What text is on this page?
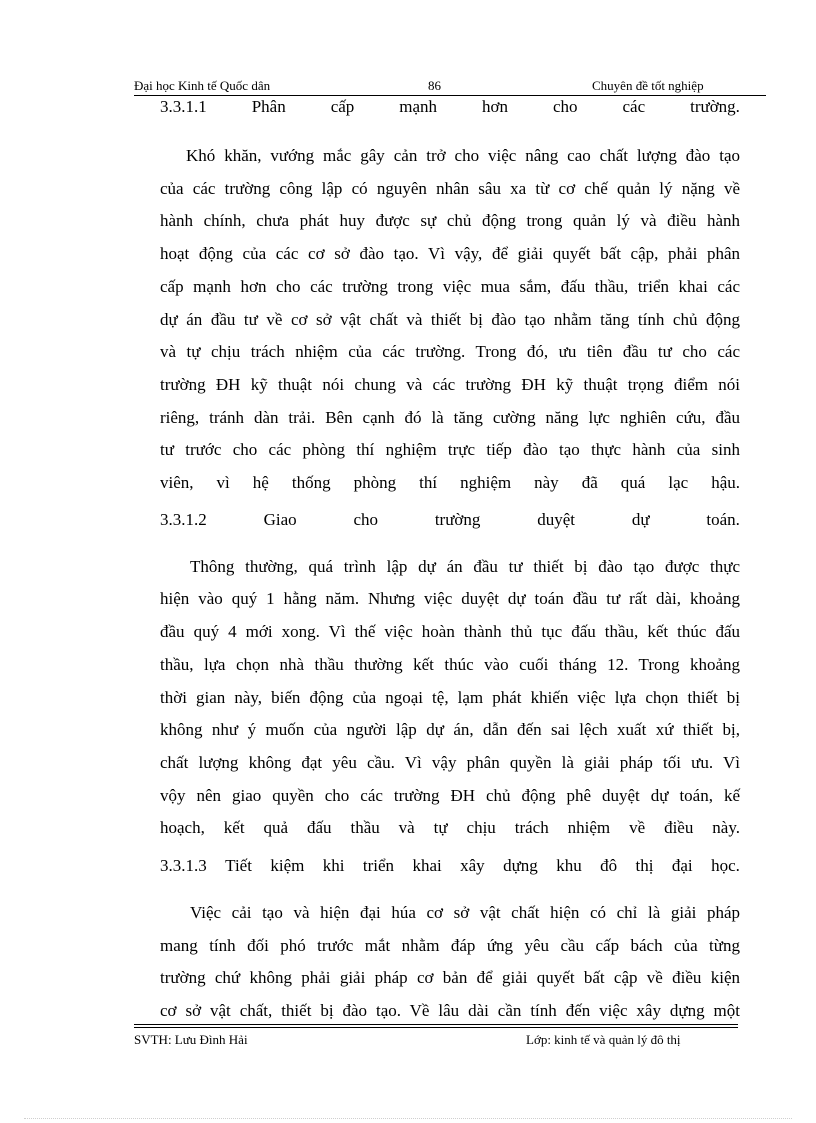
Đại học Kinh tế Quốc dân	86	Chuyên đề tốt nghiệp
3.3.1.1	Phân	cấp	mạnh	hơn	cho	các	trường.

Khó khăn, vướng mắc gây cản trở cho việc nâng cao chất lượng đào tạo

của các trường công lập có nguyên nhân sâu xa từ cơ chế quản lý nặng về

hành chính, chưa phát huy được sự chủ động trong quản lý và điều hành

hoạt động của các cơ sở đào tạo. Vì vậy, để giải quyết bất cập, phải phân

cấp mạnh hơn cho các trường trong việc mua sắm, đấu thầu, triển khai các

dự án đầu tư về cơ sở vật chất và thiết bị đào tạo nhằm tăng tính chủ động

và tự chịu trách nhiệm của các trường. Trong đó, ưu tiên đầu tư cho các

trường ĐH kỹ thuật nói chung và các trường ĐH kỹ thuật trọng điểm nói

riêng, tránh dàn trải. Bên cạnh đó là tăng cường năng lực nghiên cứu, đầu

tư trước cho các phòng thí nghiệm trực tiếp đào tạo thực hành của sinh

viên, vì hệ thống phòng thí nghiệm này đã quá lạc hậu.

3.3.1.2	Giao	cho	trường	duyệt	dự	toán.

Thông thường, quá trình lập dự án đầu tư thiết bị đào tạo được thực

hiện vào quý 1 hằng năm. Nhưng việc duyệt dự toán đầu tư rất dài, khoảng

đầu quý 4 mới xong. Vì thế việc hoàn thành thủ tục đấu thầu, kết thúc đấu

thầu, lựa chọn nhà thầu thường kết thúc vào cuối tháng 12. Trong khoảng

thời gian này, biến động của ngoại tệ, lạm phát khiến việc lựa chọn thiết bị

không như ý muốn của người lập dự án, dẫn đến sai lệch xuất xứ thiết bị,

chất lượng không đạt yêu cầu. Vì vậy phân quyền là giải pháp tối ưu. Vì

vộy nên giao quyền cho các trường ĐH chủ động phê duyệt dự toán, kế

hoạch, kết quả đấu thầu và tự chịu trách nhiệm về điều này.

3.3.1.3 Tiết kiệm khi triển khai xây dựng khu đô thị đại học.

Việc cải tạo và hiện đại húa cơ sở vật chất hiện có chỉ là giải pháp

mang tính đối phó trước mắt nhằm đáp ứng yêu cầu cấp bách của từng

trường chứ không phải giải pháp cơ bản để giải quyết bất cập về điều kiện

cơ sở vật chất, thiết bị đào tạo. Về lâu dài cần tính đến việc xây dựng một

SVTH: Lưu Đình Hải	Lớp: kinh tế và quản lý đô thị
